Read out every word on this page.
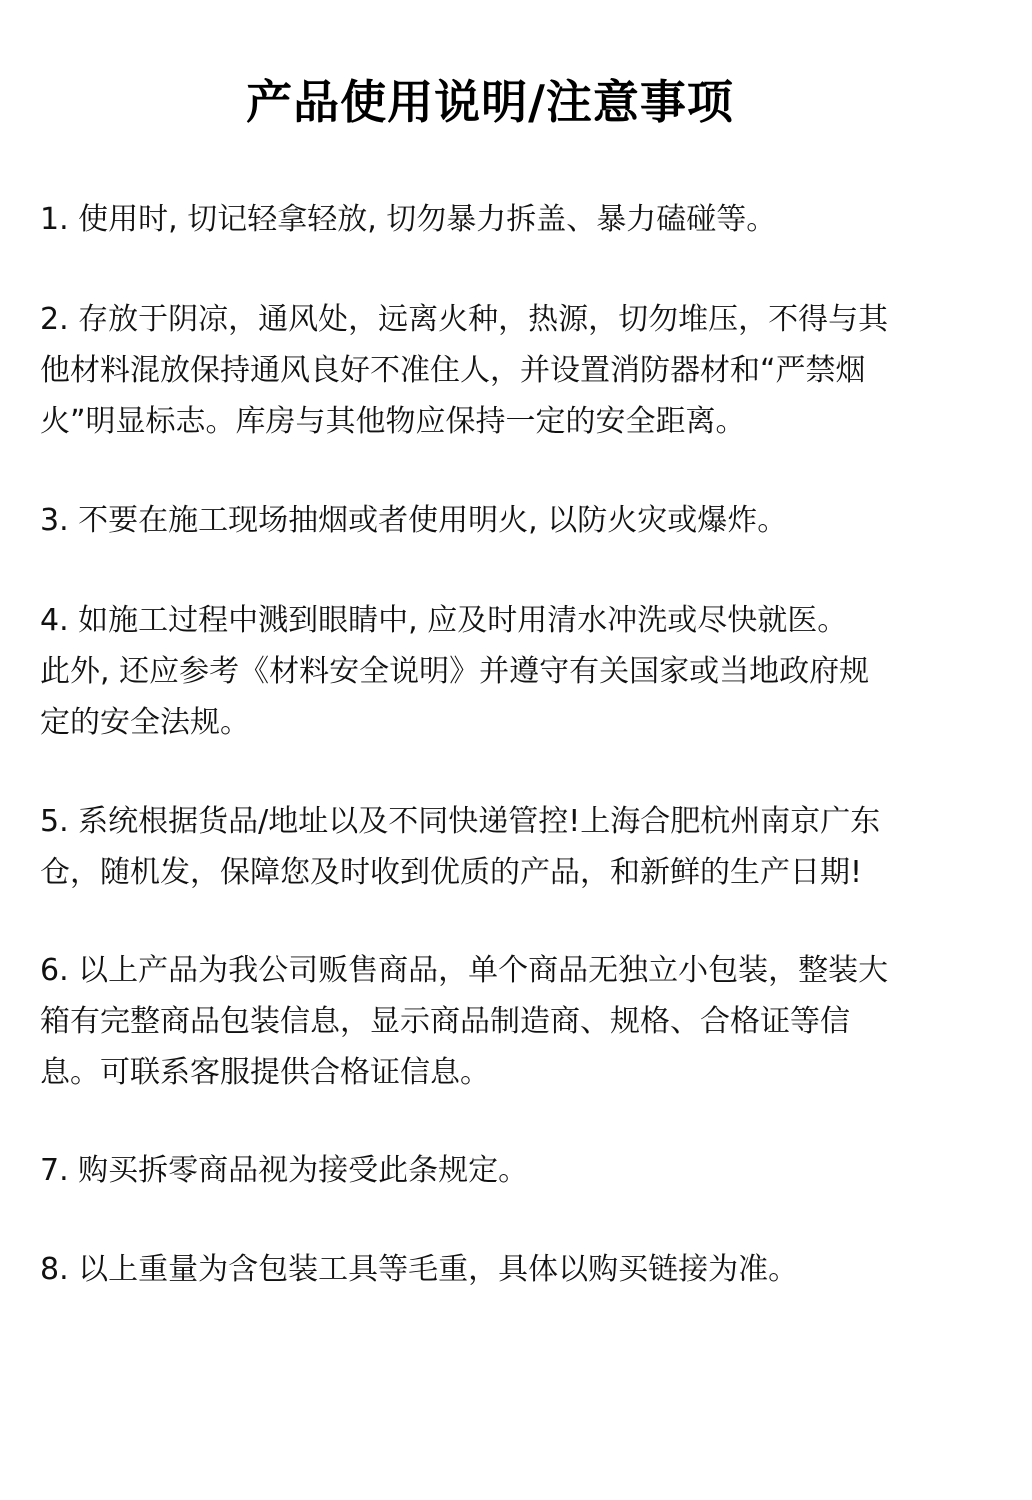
产品使用说明/注意事项

1. 使用时, 切记轻拿轻放, 切勿暴力拆盖、暴力磕碰等。

2. 存放于阴凉，通风处，远离火种，热源，切勿堆压，不得与其

他材料混放保持通风良好不准住人，并设置消防器材和“严禁烟

火”明显标志。库房与其他物应保持一定的安全距离。

3. 不要在施工现场抽烟或者使用明火, 以防火灾或爆炸。

4. 如施工过程中溅到眼睛中, 应及时用清水冲洗或尽快就医。

此外, 还应参考《材料安全说明》并遵守有关国家或当地政府规

定的安全法规。

5. 系统根据货品/地址以及不同快递管控!上海合肥杭州南京广东

仓，随机发，保障您及时收到优质的产品，和新鲜的生产日期!

6. 以上产品为我公司贩售商品，单个商品无独立小包装，整装大

箱有完整商品包装信息，显示商品制造商、规格、合格证等信

息。可联系客服提供合格证信息。

7. 购买拆零商品视为接受此条规定。

8. 以上重量为含包装工具等毛重，具体以购买链接为准。
